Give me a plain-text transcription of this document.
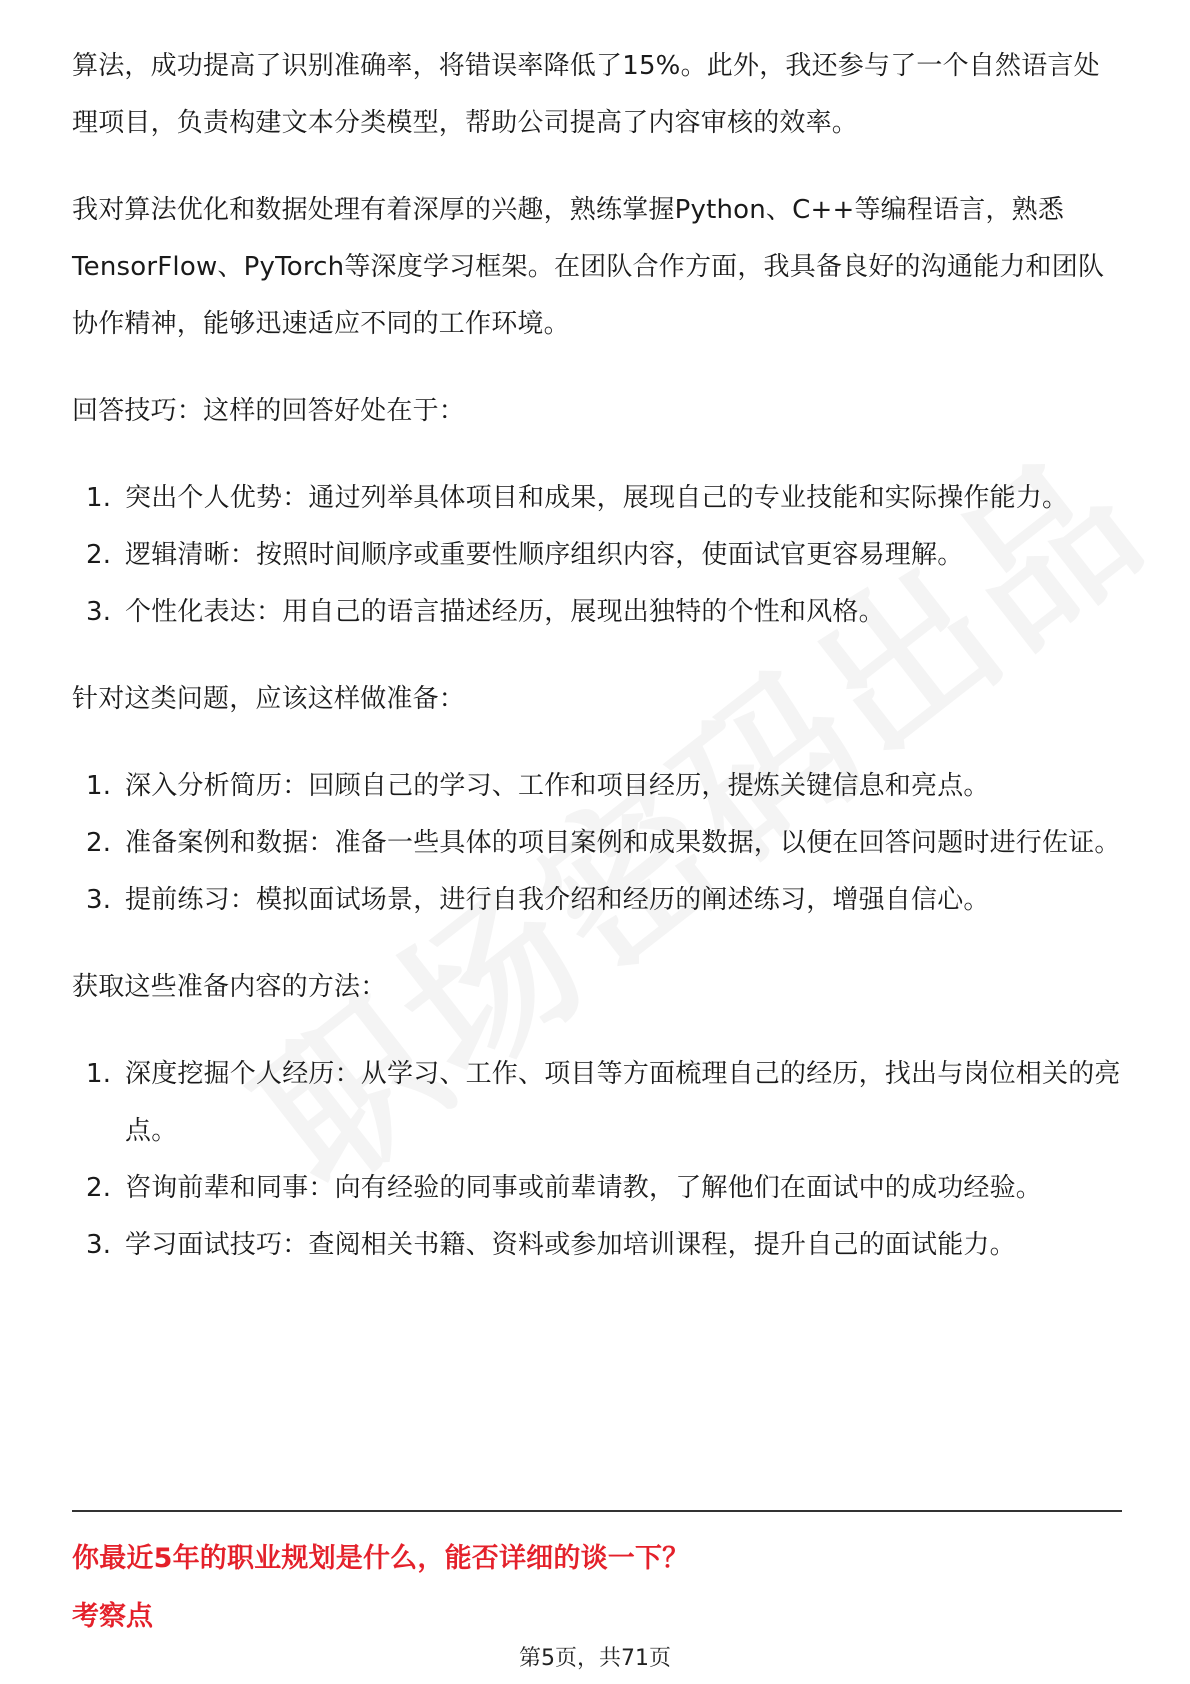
算法，成功提高了识别准确率，将错误率降低了15%。此外，我还参与了一个自然语言处理项目，负责构建文本分类模型，帮助公司提高了内容审核的效率。

我对算法优化和数据处理有着深厚的兴趣，熟练掌握Python、C++等编程语言，熟悉TensorFlow、PyTorch等深度学习框架。在团队合作方面，我具备良好的沟通能力和团队协作精神，能够迅速适应不同的工作环境。

回答技巧：这样的回答好处在于：

1. 突出个人优势：通过列举具体项目和成果，展现自己的专业技能和实际操作能力。
2. 逻辑清晰：按照时间顺序或重要性顺序组织内容，使面试官更容易理解。
3. 个性化表达：用自己的语言描述经历，展现出独特的个性和风格。

针对这类问题，应该这样做准备：

1. 深入分析简历：回顾自己的学习、工作和项目经历，提炼关键信息和亮点。
2. 准备案例和数据：准备一些具体的项目案例和成果数据，以便在回答问题时进行佐证。
3. 提前练习：模拟面试场景，进行自我介绍和经历的阐述练习，增强自信心。

获取这些准备内容的方法：

1. 深度挖掘个人经历：从学习、工作、项目等方面梳理自己的经历，找出与岗位相关的亮点。
2. 咨询前辈和同事：向有经验的同事或前辈请教，了解他们在面试中的成功经验。
3. 学习面试技巧：查阅相关书籍、资料或参加培训课程，提升自己的面试能力。
你最近5年的职业规划是什么，能否详细的谈一下？
考察点
第5页，共71页
